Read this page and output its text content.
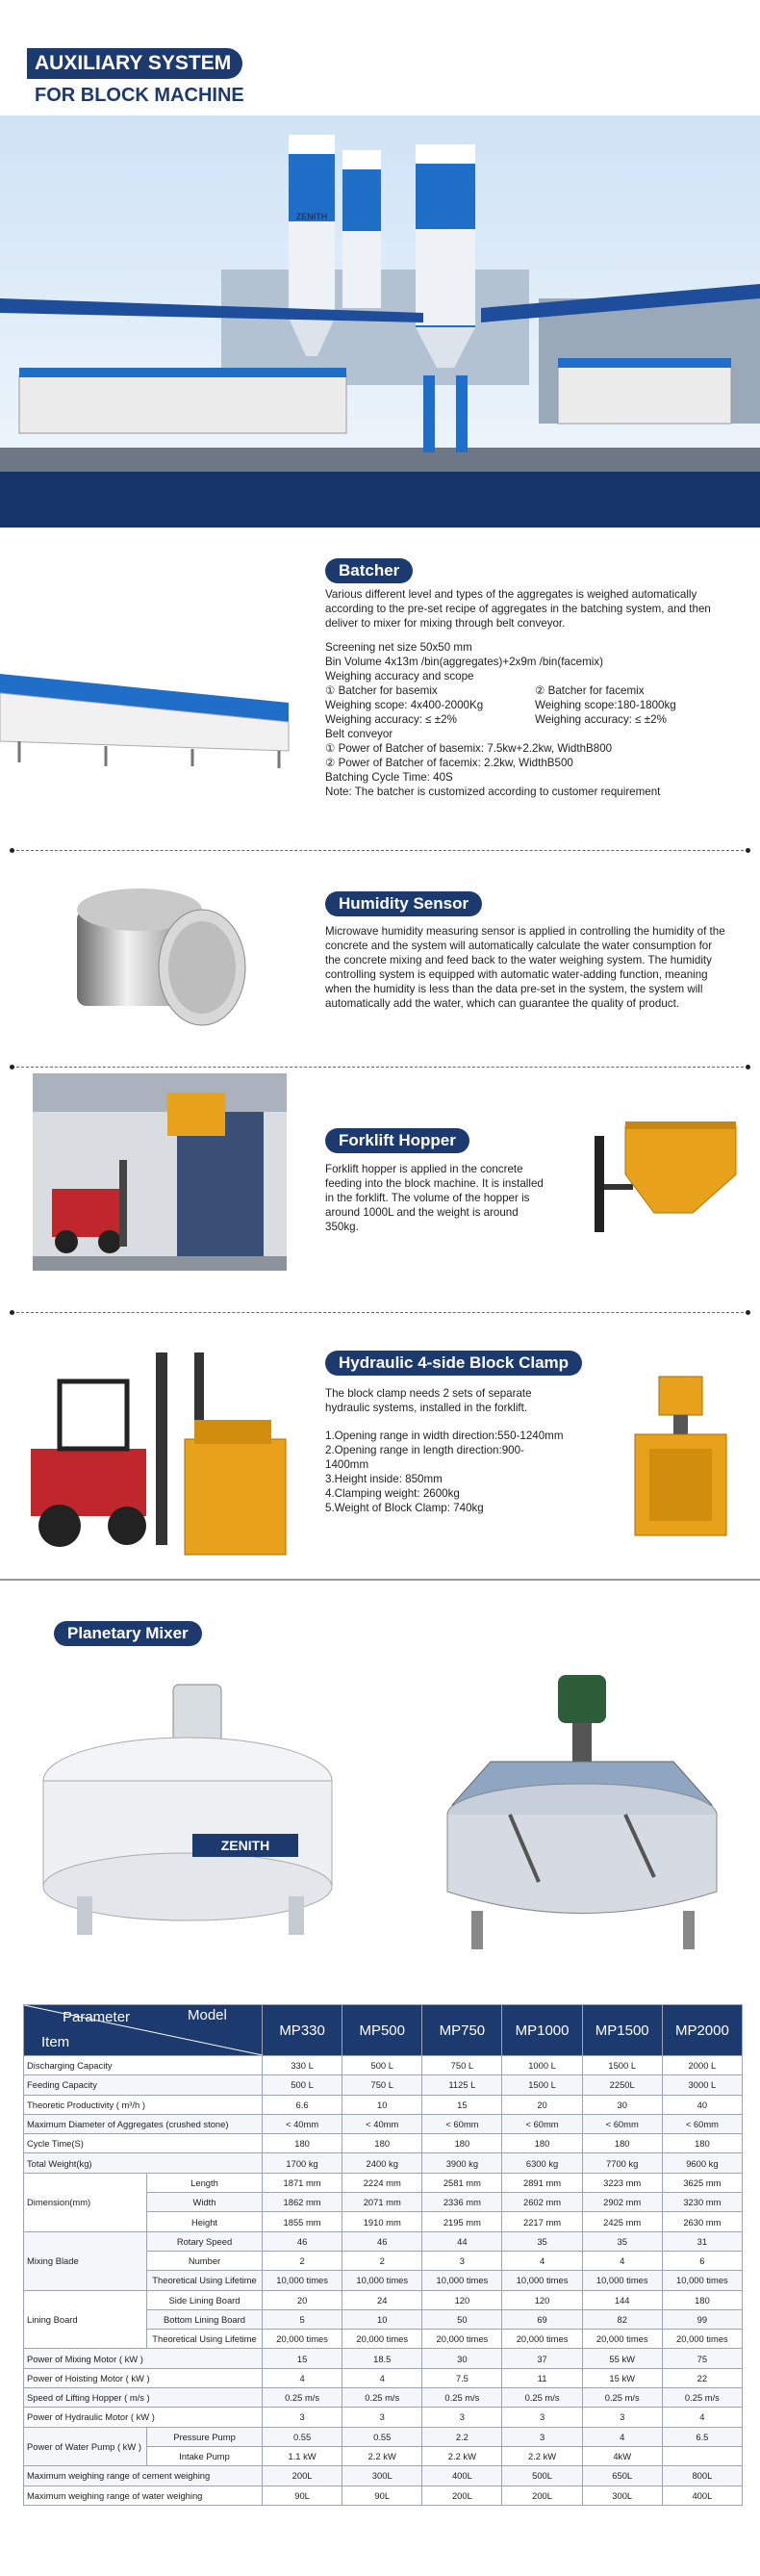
AUXILIARY SYSTEM
FOR BLOCK MACHINE
ZENITH
Batcher
Various different level and types of the aggregates is weighed automatically according to the pre-set recipe of aggregates in the batching system, and then deliver to mixer for mixing through belt conveyor.
Screening net size 50x50 mm
Bin Volume 4x13m /bin(aggregates)+2x9m /bin(facemix)
Weighing accuracy and scope
① Batcher for basemix
Weighing scope: 4x400-2000Kg
Weighing accuracy: ≤ ±2%
② Batcher for facemix
Weighing scope:180-1800kg
Weighing accuracy: ≤ ±2%
Belt conveyor
① Power of Batcher of basemix: 7.5kw+2.2kw, WidthB800
② Power of Batcher of facemix: 2.2kw, WidthB500
Batching Cycle Time: 40S
Note: The batcher is customized according to customer requirement
Humidity Sensor
Microwave humidity measuring sensor is applied in controlling the humidity of the concrete and the system will automatically calculate the water consumption for the concrete mixing and feed back to the water weighing system. The humidity controlling system is equipped with automatic water-adding function, meaning when the humidity is less than the data pre-set in the system, the system will automatically add the water, which can guarantee the quality of product.
Forklift Hopper
Forklift hopper is applied in the concrete feeding into the block machine. It is installed in the forklift. The volume of the hopper is around 1000L and the weight is around 350kg.
Hydraulic 4-side Block Clamp
The block clamp needs 2 sets of separate hydraulic systems, installed in the forklift.
1.Opening range in width direction:550-1240mm
2.Opening range in length direction:900-1400mm
3.Height inside: 850mm
4.Clamping weight: 2600kg
5.Weight of Block Clamp: 740kg
Planetary Mixer
ZENITH
Parameter Model
Item		MP330	MP500	MP750	MP1000	MP1500	MP2000
Discharging Capacity		330 L	500 L	750 L	1000 L	1500 L	2000 L
Feeding Capacity		500 L	750 L	1125 L	1500 L	2250L	3000 L
Theoretic Productivity ( m³/h )		6.6	10	15	20	30	40
Maximum Diameter of Aggregates (crushed stone)		< 40mm	< 40mm	< 60mm	< 60mm	< 60mm	< 60mm
Cycle Time(S)		180	180	180	180	180	180
Total Weight(kg)		1700 kg	2400 kg	3900 kg	6300 kg	7700 kg	9600 kg
Dimension(mm)	Length	1871 mm	2224 mm	2581 mm	2891 mm	3223 mm	3625 mm
	Width	1862 mm	2071 mm	2336 mm	2602 mm	2902 mm	3230 mm
	Height	1855 mm	1910 mm	2195 mm	2217 mm	2425 mm	2630 mm
Mixing Blade	Rotary Speed	46	46	44	35	35	31
	Number	2	2	3	4	4	6
	Theoretical Using Lifetime	10,000 times	10,000 times	10,000 times	10,000 times	10,000 times	10,000 times
Lining Board	Side Lining Board	20	24	120	120	144	180
	Bottom Lining Board	5	10	50	69	82	99
	Theoretical Using Lifetime	20,000 times	20,000 times	20,000 times	20,000 times	20,000 times	20,000 times
Power of Mixing Motor ( kW )		15	18.5	30	37	55 kW	75
Power of Hoisting Motor ( kW )		4	4	7.5	11	15 kW	22
Speed of Lifting Hopper ( m/s )		0.25 m/s	0.25 m/s	0.25 m/s	0.25 m/s	0.25 m/s	0.25 m/s
Power of Hydraulic Motor ( kW )		3	3	3	3	3	4
Power of Water Pump ( kW )	Pressure Pump	0.55	0.55	2.2	3	4	6.5
	Intake Pump	1.1 kW	2.2 kW	2.2 kW	2.2 kW	4kW	
Maximum weighing range of cement weighing		200L	300L	400L	500L	650L	800L
Maximum weighing range of water weighing		90L	90L	200L	200L	300L	400L
